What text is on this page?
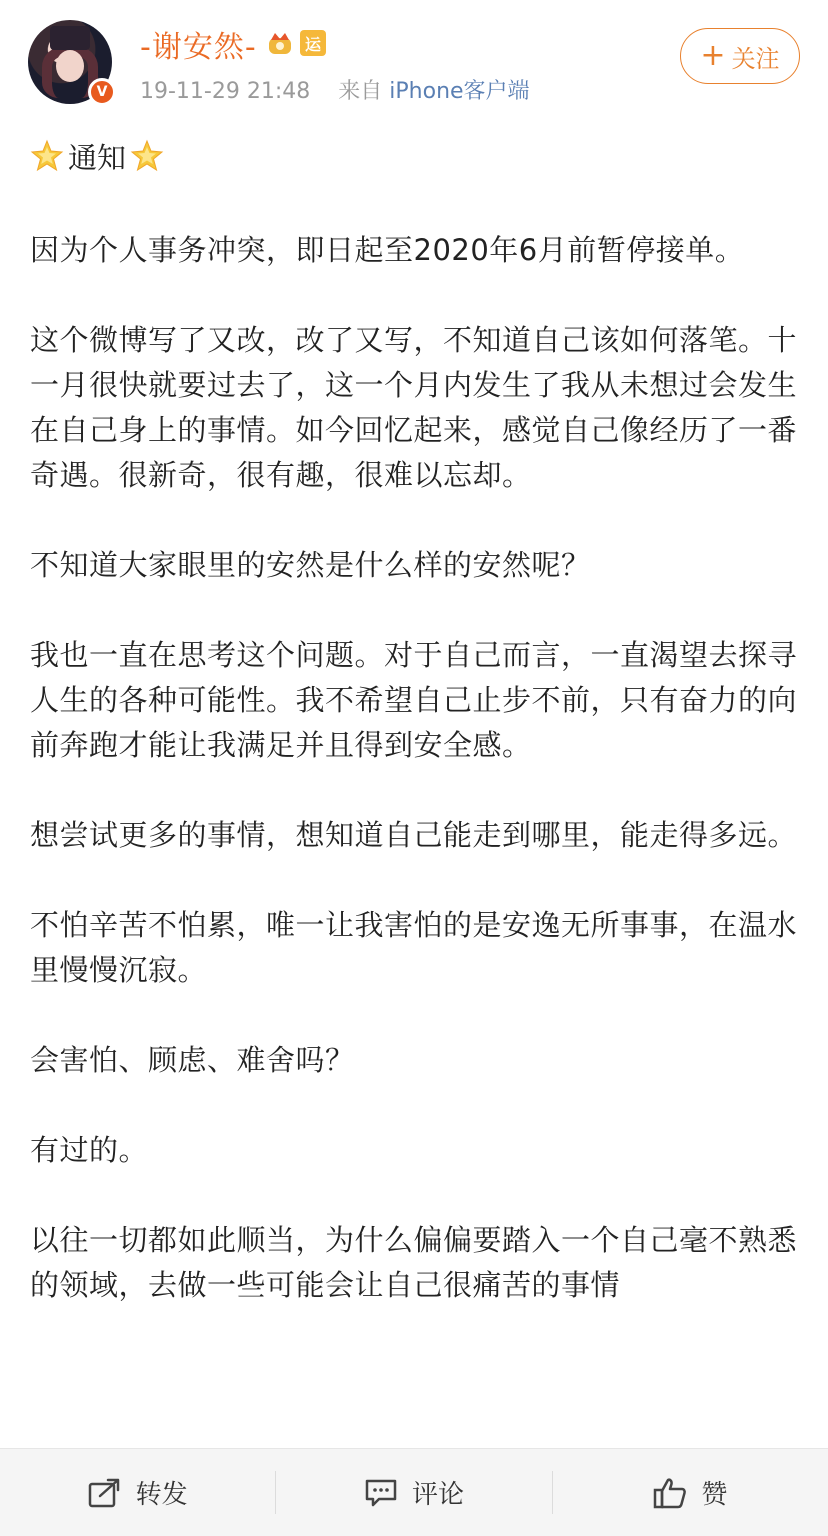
V
-谢安然-	运
19-11-29 21:48 来自 iPhone客户端
+ 关注
通知

因为个人事务冲突，即日起至2020年6月前暂停接单。

这个微博写了又改，改了又写，不知道自己该如何落笔。十一月很快就要过去了，这一个月内发生了我从未想过会发生在自己身上的事情。如今回忆起来，感觉自己像经历了一番奇遇。很新奇，很有趣，很难以忘却。

不知道大家眼里的安然是什么样的安然呢？

我也一直在思考这个问题。对于自己而言，一直渴望去探寻人生的各种可能性。我不希望自己止步不前，只有奋力的向前奔跑才能让我满足并且得到安全感。

想尝试更多的事情，想知道自己能走到哪里，能走得多远。

不怕辛苦不怕累，唯一让我害怕的是安逸无所事事，在温水里慢慢沉寂。

会害怕、顾虑、难舍吗？

有过的。

以往一切都如此顺当，为什么偏偏要踏入一个自己毫不熟悉的领域，去做一些可能会让自己很痛苦的事情

转发	评论	赞
